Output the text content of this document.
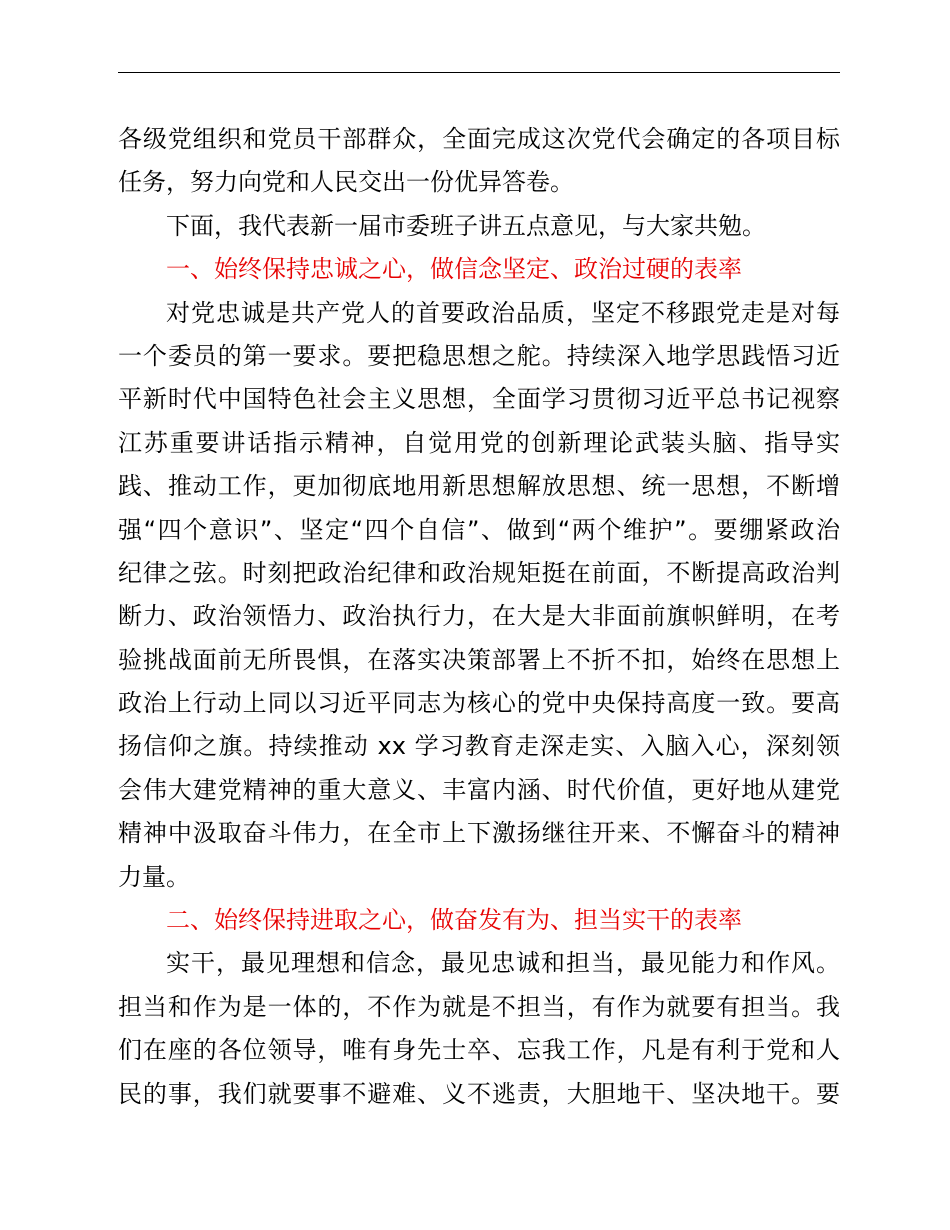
各级党组织和党员干部群众，全面完成这次党代会确定的各项目标
任务，努力向党和人民交出一份优异答卷。
下面，我代表新一届市委班子讲五点意见，与大家共勉。
一、始终保持忠诚之心，做信念坚定、政治过硬的表率
对党忠诚是共产党人的首要政治品质，坚定不移跟党走是对每
一个委员的第一要求。要把稳思想之舵。持续深入地学思践悟习近
平新时代中国特色社会主义思想，全面学习贯彻习近平总书记视察
江苏重要讲话指示精神，自觉用党的创新理论武装头脑、指导实
践、推动工作，更加彻底地用新思想解放思想、统一思想，不断增
强“四个意识”、坚定“四个自信”、做到“两个维护”。要绷紧政治
纪律之弦。时刻把政治纪律和政治规矩挺在前面，不断提高政治判
断力、政治领悟力、政治执行力，在大是大非面前旗帜鲜明，在考
验挑战面前无所畏惧，在落实决策部署上不折不扣，始终在思想上
政治上行动上同以习近平同志为核心的党中央保持高度一致。要高
扬信仰之旗。持续推动 xx 学习教育走深走实、入脑入心，深刻领
会伟大建党精神的重大意义、丰富内涵、时代价值，更好地从建党
精神中汲取奋斗伟力，在全市上下激扬继往开来、不懈奋斗的精神
力量。
二、始终保持进取之心，做奋发有为、担当实干的表率
实干，最见理想和信念，最见忠诚和担当，最见能力和作风。
担当和作为是一体的，不作为就是不担当，有作为就要有担当。我
们在座的各位领导，唯有身先士卒、忘我工作，凡是有利于党和人
民的事，我们就要事不避难、义不逃责，大胆地干、坚决地干。要
